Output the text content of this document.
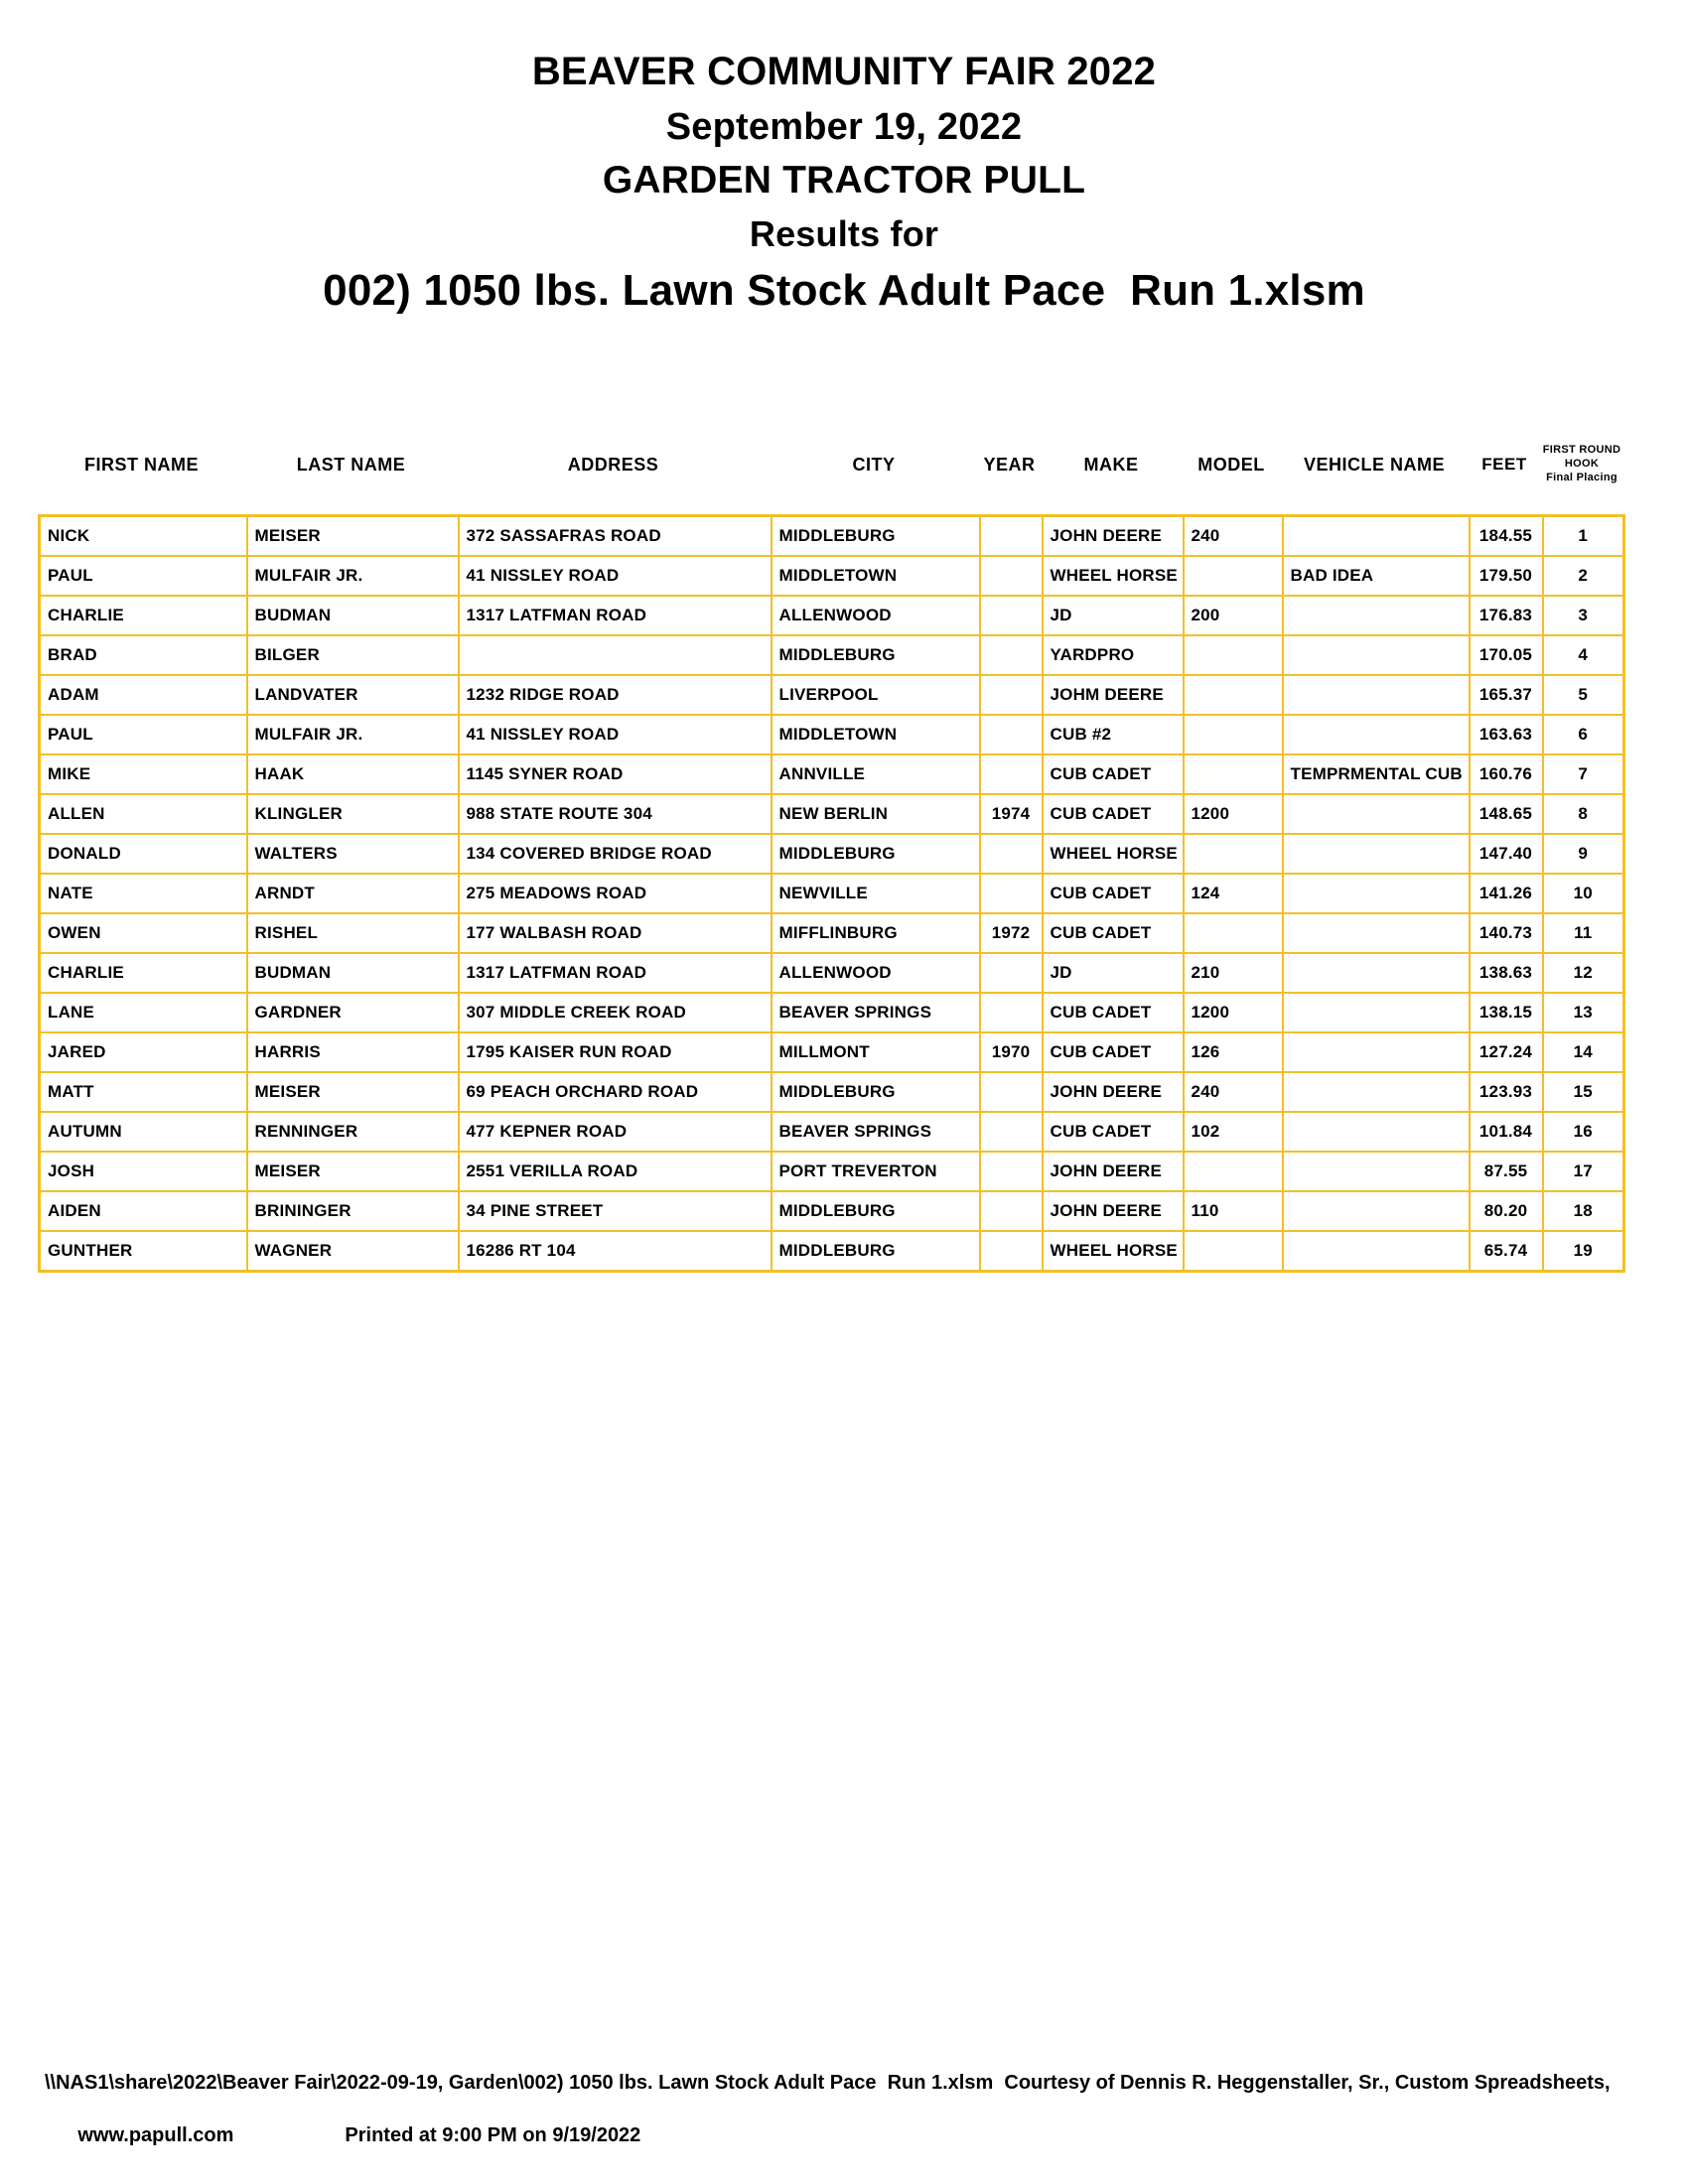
BEAVER COMMUNITY FAIR 2022
September 19, 2022
GARDEN TRACTOR PULL
Results for
002) 1050 lbs. Lawn Stock Adult Pace  Run 1.xlsm
FIRST NAME	LAST NAME	ADDRESS	CITY	YEAR	MAKE	MODEL	VEHICLE NAME	FEET
FIRST ROUND
HOOK
Final Placing
NICK	MEISER	372 SASSAFRAS ROAD	MIDDLEBURG		JOHN DEERE	240		184.55	1
PAUL	MULFAIR JR.	41 NISSLEY ROAD	MIDDLETOWN		WHEEL HORSE		BAD IDEA	179.50	2
CHARLIE	BUDMAN	1317 LATFMAN ROAD	ALLENWOOD		JD	200		176.83	3
BRAD	BILGER		MIDDLEBURG		YARDPRO			170.05	4
ADAM	LANDVATER	1232 RIDGE ROAD	LIVERPOOL		JOHM DEERE			165.37	5
PAUL	MULFAIR JR.	41 NISSLEY ROAD	MIDDLETOWN		CUB #2			163.63	6
MIKE	HAAK	1145 SYNER ROAD	ANNVILLE		CUB CADET		TEMPRMENTAL CUB	160.76	7
ALLEN	KLINGLER	988 STATE ROUTE 304	NEW BERLIN	1974	CUB CADET	1200		148.65	8
DONALD	WALTERS	134 COVERED BRIDGE ROAD	MIDDLEBURG		WHEEL HORSE			147.40	9
NATE	ARNDT	275 MEADOWS ROAD	NEWVILLE		CUB CADET	124		141.26	10
OWEN	RISHEL	177 WALBASH ROAD	MIFFLINBURG	1972	CUB CADET			140.73	11
CHARLIE	BUDMAN	1317 LATFMAN ROAD	ALLENWOOD		JD	210		138.63	12
LANE	GARDNER	307 MIDDLE CREEK ROAD	BEAVER SPRINGS		CUB CADET	1200		138.15	13
JARED	HARRIS	1795 KAISER RUN ROAD	MILLMONT	1970	CUB CADET	126		127.24	14
MATT	MEISER	69 PEACH ORCHARD ROAD	MIDDLEBURG		JOHN DEERE	240		123.93	15
AUTUMN	RENNINGER	477 KEPNER ROAD	BEAVER SPRINGS		CUB CADET	102		101.84	16
JOSH	MEISER	2551 VERILLA ROAD	PORT TREVERTON		JOHN DEERE			87.55	17
AIDEN	BRININGER	34 PINE STREET	MIDDLEBURG		JOHN DEERE	110		80.20	18
GUNTHER	WAGNER	16286 RT 104	MIDDLEBURG		WHEEL HORSE			65.74	19
\\NAS1\share\2022\Beaver Fair\2022-09-19, Garden\002) 1050 lbs. Lawn Stock Adult Pace  Run 1.xlsm  Courtesy of Dennis R. Heggenstaller, Sr., Custom Spreadsheets,

www.papull.com	Printed at 9:00 PM on 9/19/2022
